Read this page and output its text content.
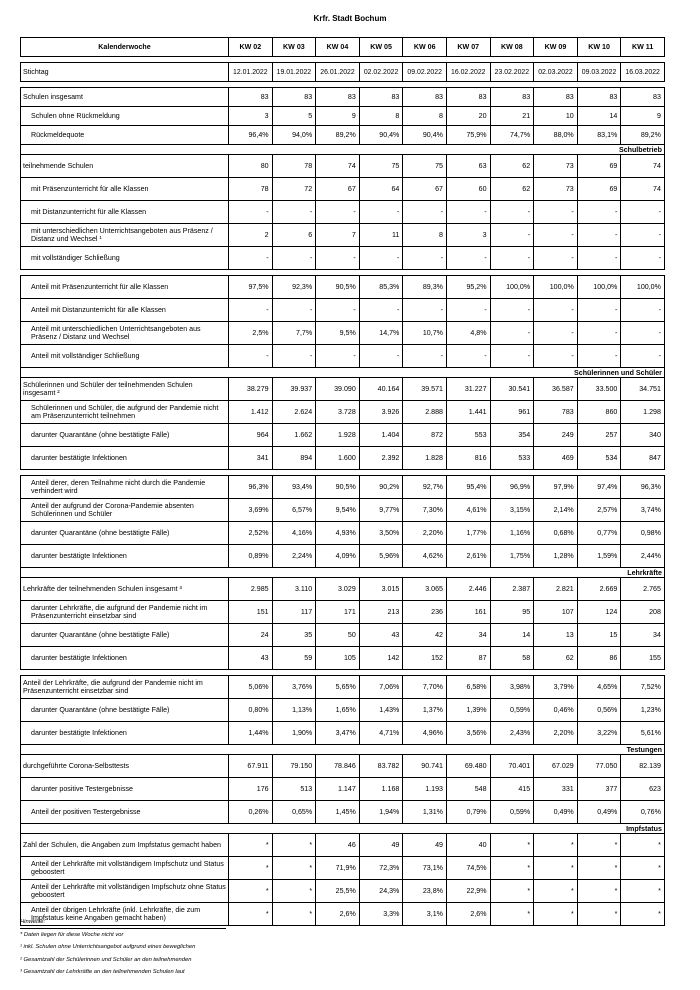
Krfr. Stadt Bochum
Kalenderwoche	KW 02	KW 03	KW 04	KW 05	KW 06	KW 07	KW 08	KW 09	KW 10	KW 11

Stichtag	12.01.2022	19.01.2022	26.01.2022	02.02.2022	09.02.2022	16.02.2022	23.02.2022	02.03.2022	09.03.2022	16.03.2022

Schulen insgesamt	83	83	83	83	83	83	83	83	83	83
Schulen ohne Rückmeldung	3	5	9	8	8	20	21	10	14	9
Rückmeldequote	96,4%	94,0%	89,2%	90,4%	90,4%	75,9%	74,7%	88,0%	83,1%	89,2%
	Schulbetrieb									
teilnehmende Schulen	80	78	74	75	75	63	62	73	69	74
mit Präsenzunterricht für alle Klassen	78	72	67	64	67	60	62	73	69	74
mit Distanzunterricht für alle Klassen	-	-	-	-	-	-	-	-	-	-
mit unterschiedlichen Unterrichtsangeboten aus Präsenz / Distanz und Wechsel ¹	2	6	7	11	8	3	-	-	-	-
mit vollständiger Schließung	-	-	-	-	-	-	-	-	-	-

Anteil mit Präsenzunterricht für alle Klassen	97,5%	92,3%	90,5%	85,3%	89,3%	95,2%	100,0%	100,0%	100,0%	100,0%
Anteil mit Distanzunterricht für alle Klassen	-	-	-	-	-	-	-	-	-	-
Anteil mit unterschiedlichen Unterrichtsangeboten aus Präsenz / Distanz und Wechsel	2,5%	7,7%	9,5%	14,7%	10,7%	4,8%	-	-	-	-
Anteil mit vollständiger Schließung	-	-	-	-	-	-	-	-	-	-
	Schülerinnen und Schüler									
Schülerinnen und Schüler der teilnehmenden Schulen insgesamt ²	38.279	39.937	39.090	40.164	39.571	31.227	30.541	36.587	33.500	34.751
Schülerinnen und Schüler, die aufgrund der Pandemie nicht am Präsenzunterricht teilnehmen	1.412	2.624	3.728	3.926	2.888	1.441	961	783	860	1.298
darunter Quarantäne (ohne bestätigte Fälle)	964	1.662	1.928	1.404	872	553	354	249	257	340
darunter bestätigte Infektionen	341	894	1.600	2.392	1.828	816	533	469	534	847

Anteil derer, deren Teilnahme nicht durch die Pandemie verhindert wird	96,3%	93,4%	90,5%	90,2%	92,7%	95,4%	96,9%	97,9%	97,4%	96,3%
Anteil der aufgrund der Corona-Pandemie absenten Schülerinnen und Schüler	3,69%	6,57%	9,54%	9,77%	7,30%	4,61%	3,15%	2,14%	2,57%	3,74%
darunter Quarantäne (ohne bestätigte Fälle)	2,52%	4,16%	4,93%	3,50%	2,20%	1,77%	1,16%	0,68%	0,77%	0,98%
darunter bestätigte Infektionen	0,89%	2,24%	4,09%	5,96%	4,62%	2,61%	1,75%	1,28%	1,59%	2,44%
	Lehrkräfte									
Lehrkräfte der teilnehmenden Schulen insgesamt ³	2.985	3.110	3.029	3.015	3.065	2.446	2.387	2.821	2.669	2.765
darunter Lehrkräfte, die aufgrund der Pandemie nicht im Präsenzunterricht einsetzbar sind	151	117	171	213	236	161	95	107	124	208
darunter Quarantäne (ohne bestätigte Fälle)	24	35	50	43	42	34	14	13	15	34
darunter bestätigte Infektionen	43	59	105	142	152	87	58	62	86	155

Anteil der Lehrkräfte, die aufgrund der Pandemie nicht im Präsenzunterricht einsetzbar sind	5,06%	3,76%	5,65%	7,06%	7,70%	6,58%	3,98%	3,79%	4,65%	7,52%
darunter Quarantäne (ohne bestätigte Fälle)	0,80%	1,13%	1,65%	1,43%	1,37%	1,39%	0,59%	0,46%	0,56%	1,23%
darunter bestätigte Infektionen	1,44%	1,90%	3,47%	4,71%	4,96%	3,56%	2,43%	2,20%	3,22%	5,61%
	Testungen									
durchgeführte Corona-Selbsttests	67.911	79.150	78.846	83.782	90.741	69.480	70.401	67.029	77.050	82.139
darunter positive Testergebnisse	176	513	1.147	1.168	1.193	548	415	331	377	623
Anteil der positiven Testergebnisse	0,26%	0,65%	1,45%	1,94%	1,31%	0,79%	0,59%	0,49%	0,49%	0,76%
	Impfstatus									
Zahl der Schulen, die Angaben zum Impfstatus gemacht haben	*	*	46	49	49	40	*	*	*	*
Anteil der Lehrkräfte mit vollständigem Impfschutz und Status geboostert	*	*	71,9%	72,3%	73,1%	74,5%	*	*	*	*
Anteil der Lehrkräfte mit vollständigen Impfschutz ohne Status geboostert	*	*	25,5%	24,3%	23,8%	22,9%	*	*	*	*
Anteil der übrigen Lehrkräfte (inkl. Lehrkräfte, die zum Impfstatus keine Angaben gemacht haben)	*	*	2,6%	3,3%	3,1%	2,6%	*	*	*	*
Hinweise:
* Daten liegen für diese Woche nicht vor
¹ inkl. Schulen ohne Unterrichtsangebot aufgrund eines beweglichen
² Gesamtzahl der Schülerinnen und Schüler an den teilnehmenden
³ Gesamtzahl der Lehrkräfte an den teilnehmenden Schulen laut
